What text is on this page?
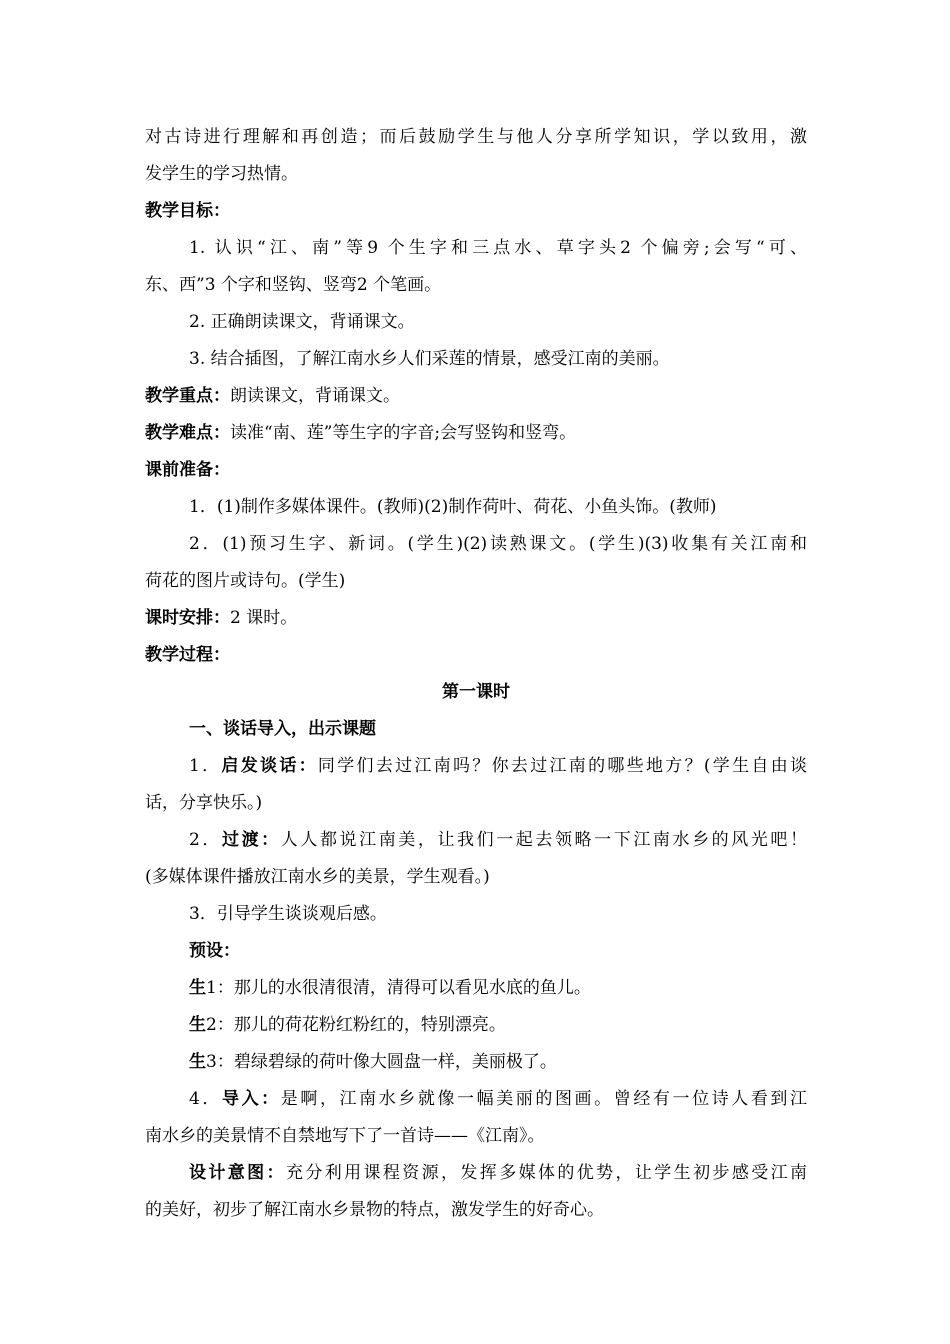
对古诗进行理解和再创造；而后鼓励学生与他人分享所学知识，学以致用，激
发学生的学习热情。
教学目标：
1. 认识“江、南”等9 个生字和三点水、草字头2 个偏旁;会写“可、
东、西”3 个字和竖钩、竖弯2 个笔画。
2. 正确朗读课文，背诵课文。
3. 结合插图，了解江南水乡人们采莲的情景，感受江南的美丽。
教学重点：朗读课文，背诵课文。
教学难点：读准“南、莲”等生字的字音;会写竖钩和竖弯。
课前准备：
1．(1)制作多媒体课件。(教师)(2)制作荷叶、荷花、小鱼头饰。(教师)
2．(1)预习生字、新词。(学生)(2)读熟课文。(学生)(3)收集有关江南和
荷花的图片或诗句。(学生)
课时安排：2 课时。
教学过程：
第一课时
一、谈话导入，出示课题
1．启发谈话：同学们去过江南吗？你去过江南的哪些地方？(学生自由谈
话，分享快乐。)
2．过渡：人人都说江南美，让我们一起去领略一下江南水乡的风光吧！
(多媒体课件播放江南水乡的美景，学生观看。)
3．引导学生谈谈观后感。
预设：
生1：那儿的水很清很清，清得可以看见水底的鱼儿。
生2：那儿的荷花粉红粉红的，特别漂亮。
生3：碧绿碧绿的荷叶像大圆盘一样，美丽极了。
4．导入：是啊，江南水乡就像一幅美丽的图画。曾经有一位诗人看到江
南水乡的美景情不自禁地写下了一首诗——《江南》。
设计意图：充分利用课程资源，发挥多媒体的优势，让学生初步感受江南
的美好，初步了解江南水乡景物的特点，激发学生的好奇心。
